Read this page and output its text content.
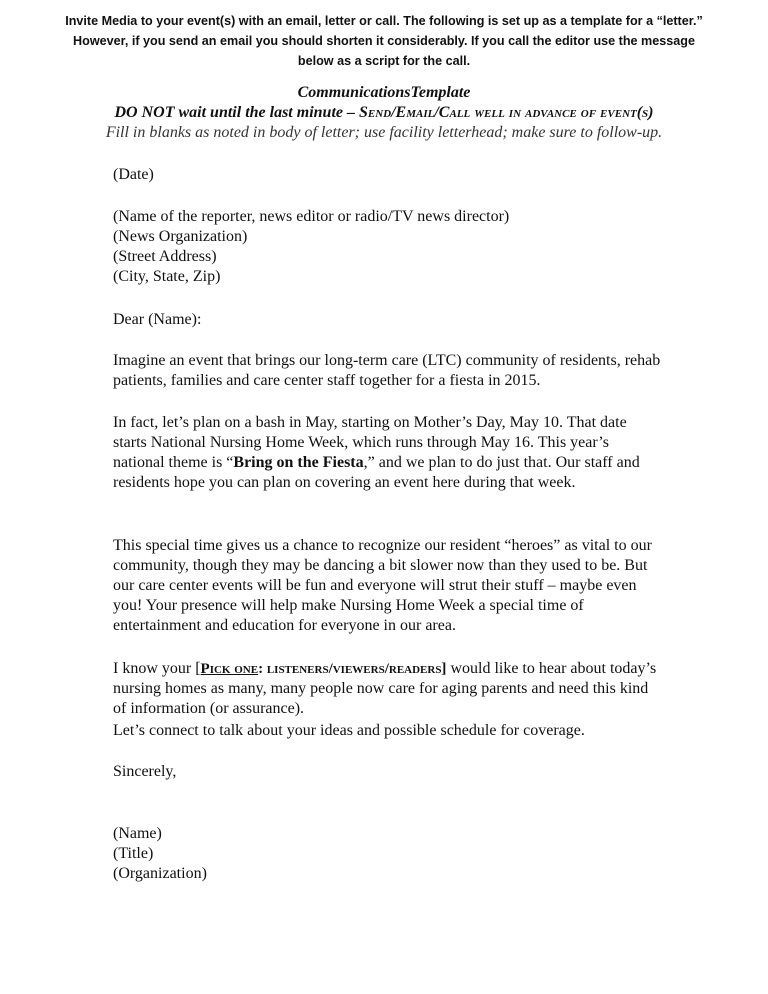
Invite Media to your event(s) with an email, letter or call. The following is set up as a template for a “letter.” However, if you send an email you should shorten it considerably. If you call the editor use the message below as a script for the call.
CommunicationsTemplate
DO NOT wait until the last minute – Send/Email/Call well in advance of event(s)
Fill in blanks as noted in body of letter; use facility letterhead; make sure to follow-up.
(Date)

(Name of the reporter, news editor or radio/TV news director)

(News Organization)

(Street Address)

(City, State, Zip)

Dear (Name):
Imagine an event that brings our long-term care (LTC) community of residents, rehab patients, families and care center staff together for a fiesta in 2015.
In fact, let’s plan on a bash in May, starting on Mother’s Day, May 10. That date starts National Nursing Home Week, which runs through May 16. This year’s national theme is “Bring on the Fiesta,” and we plan to do just that. Our staff and residents hope you can plan on covering an event here during that week.
This special time gives us a chance to recognize our resident “heroes” as vital to our community, though they may be dancing a bit slower now than they used to be. But our care center events will be fun and everyone will strut their stuff – maybe even you! Your presence will help make Nursing Home Week a special time of entertainment and education for everyone in our area.
I know your [Pick one: listeners/viewers/readers] would like to hear about today’s nursing homes as many, many people now care for aging parents and need this kind of information (or assurance).
Let’s connect to talk about your ideas and possible schedule for coverage.
Sincerely,

(Name)

(Title)

(Organization)
